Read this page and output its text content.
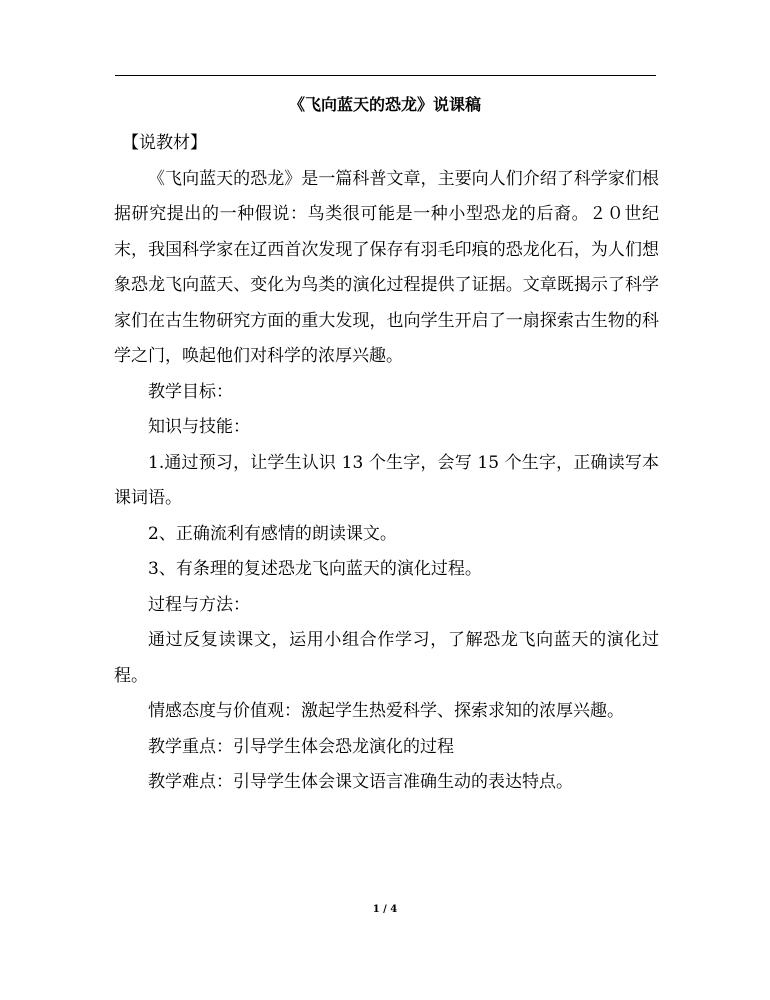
《飞向蓝天的恐龙》说课稿

【说教材】

《飞向蓝天的恐龙》是一篇科普文章，主要向人们介绍了科学家们根据研究提出的一种假说：鸟类很可能是一种小型恐龙的后裔。２０世纪末，我国科学家在辽西首次发现了保存有羽毛印痕的恐龙化石，为人们想象恐龙飞向蓝天、变化为鸟类的演化过程提供了证据。文章既揭示了科学家们在古生物研究方面的重大发现，也向学生开启了一扇探索古生物的科学之门，唤起他们对科学的浓厚兴趣。

教学目标：

知识与技能：

1.通过预习，让学生认识 13 个生字，会写 15 个生字，正确读写本课词语。

2、正确流利有感情的朗读课文。

3、有条理的复述恐龙飞向蓝天的演化过程。

过程与方法：

通过反复读课文，运用小组合作学习，了解恐龙飞向蓝天的演化过程。

情感态度与价值观：激起学生热爱科学、探索求知的浓厚兴趣。

教学重点：引导学生体会恐龙演化的过程

教学难点：引导学生体会课文语言准确生动的表达特点。

1 / 4
